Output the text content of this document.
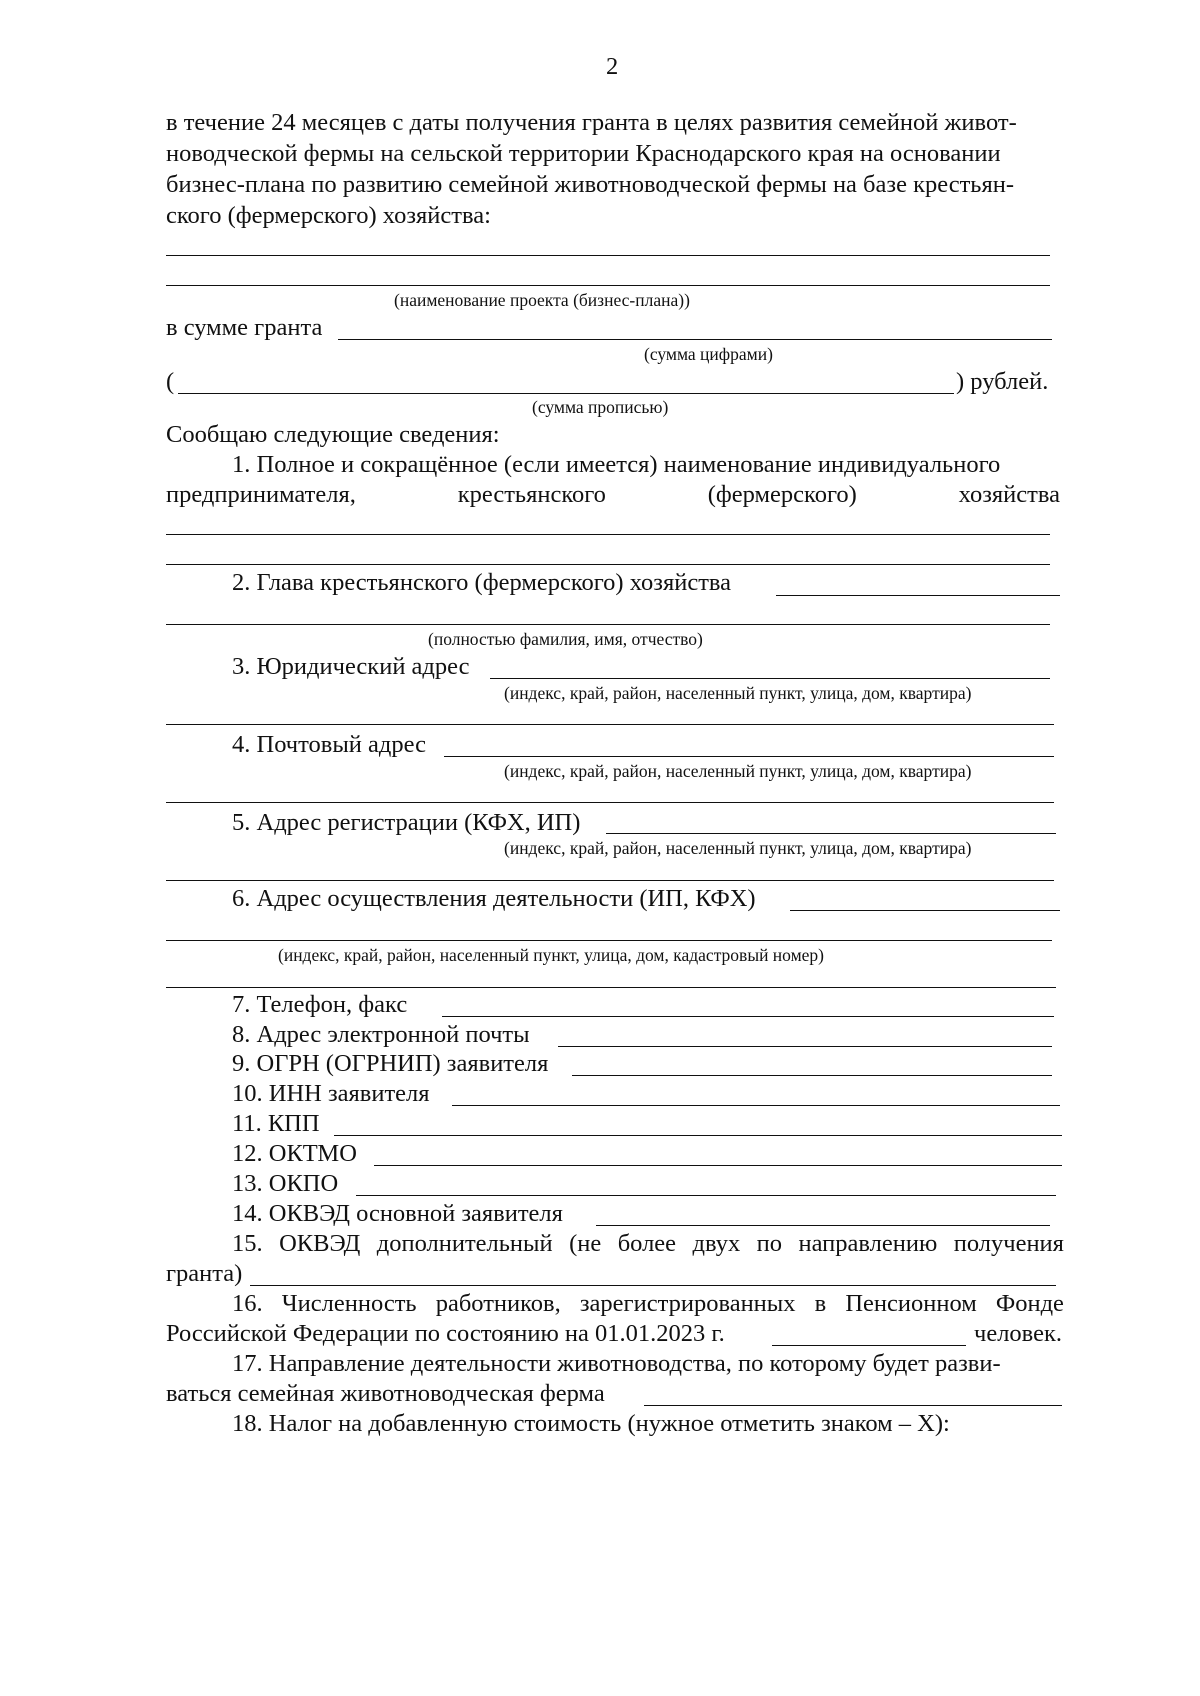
2
в течение 24 месяцев с даты получения гранта в целях развития семейной живот-
новодческой фермы на сельской территории Краснодарского края на основании
бизнес-плана по развитию семейной животноводческой фермы на базе крестьян-
ского (фермерского) хозяйства:
(наименование проекта (бизнес-плана))
в сумме гранта
(сумма цифрами)
(	) рублей.
(сумма прописью)
Сообщаю следующие сведения:
1. Полное и сокращённое (если имеется) наименование индивидуального
предпринимателя,	крестьянского	(фермерского)	хозяйства
2. Глава крестьянского (фермерского) хозяйства
(полностью фамилия, имя, отчество)
3. Юридический адрес
(индекс, край, район, населенный пункт, улица, дом, квартира)
4. Почтовый адрес
(индекс, край, район, населенный пункт, улица, дом, квартира)
5. Адрес регистрации (КФХ, ИП)
(индекс, край, район, населенный пункт, улица, дом, квартира)
6. Адрес осуществления деятельности (ИП, КФХ)
(индекс, край, район, населенный пункт, улица, дом, кадастровый номер)
7. Телефон, факс
8. Адрес электронной почты
9. ОГРН (ОГРНИП) заявителя
10. ИНН заявителя
11. КПП
12. ОКТМО
13. ОКПО
14. ОКВЭД основной заявителя
15. ОКВЭД дополнительный (не более двух по направлению получения
гранта)
16. Численность работников, зарегистрированных в Пенсионном Фонде
Российской Федерации по состоянию на 01.01.2023 г.	человек.
17. Направление деятельности животноводства, по которому будет разви-
ваться семейная животноводческая ферма
18. Налог на добавленную стоимость (нужное отметить знаком – Х):
